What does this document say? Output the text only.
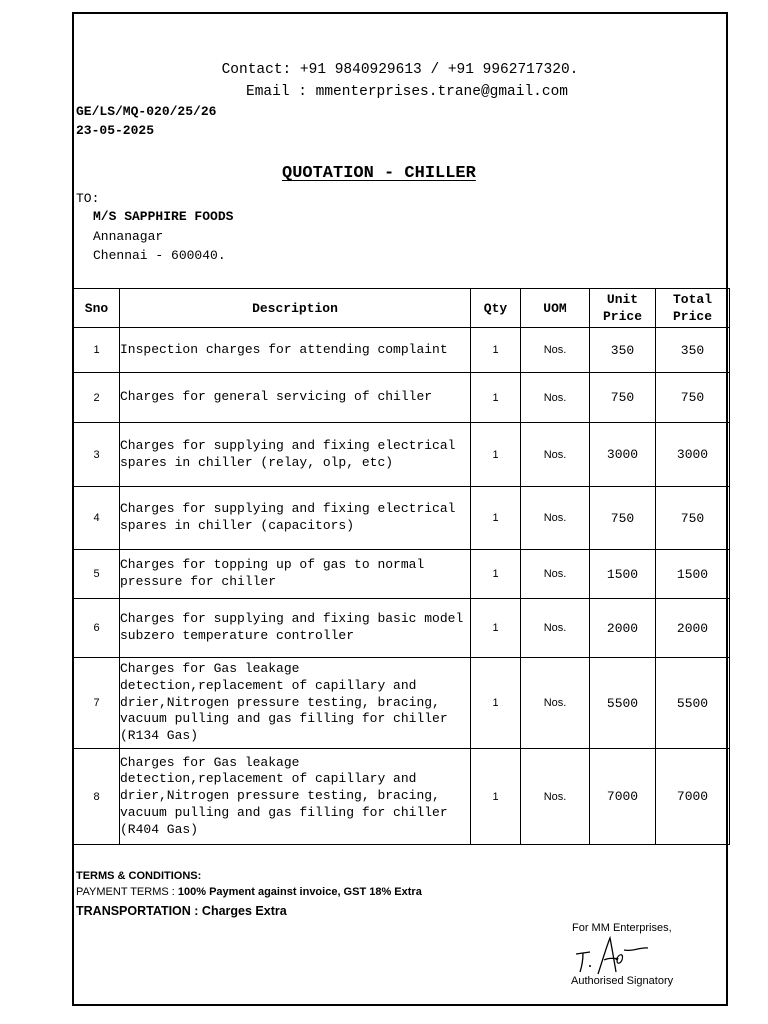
Contact: +91 9840929613 / +91 9962717320.
Email : mmenterprises.trane@gmail.com
GE/LS/MQ-020/25/26
23-05-2025
QUOTATION - CHILLER
TO:
M/S SAPPHIRE FOODS
Annanagar
Chennai - 600040.
Sno	Description	Qty	UOM	Unit Price	Total Price
1	Inspection charges for attending complaint	1	Nos.	350	350
2	Charges for general servicing of chiller	1	Nos.	750	750
3	Charges for supplying and fixing electrical spares in chiller (relay, olp, etc)	1	Nos.	3000	3000
4	Charges for supplying and fixing electrical spares in chiller (capacitors)	1	Nos.	750	750
5	Charges for topping up of gas to normal pressure for chiller	1	Nos.	1500	1500
6	Charges for supplying and fixing basic model subzero temperature controller	1	Nos.	2000	2000
7	Charges for Gas leakage detection,replacement of capillary and drier,Nitrogen pressure testing, bracing, vacuum pulling and gas filling for chiller (R134 Gas)	1	Nos.	5500	5500
8	Charges for Gas leakage detection,replacement of capillary and drier,Nitrogen pressure testing, bracing, vacuum pulling and gas filling for chiller (R404 Gas)	1	Nos.	7000	7000
TERMS & CONDITIONS:
PAYMENT TERMS : 100% Payment against invoice, GST 18% Extra
TRANSPORTATION : Charges Extra
For MM Enterprises,
Authorised Signatory
